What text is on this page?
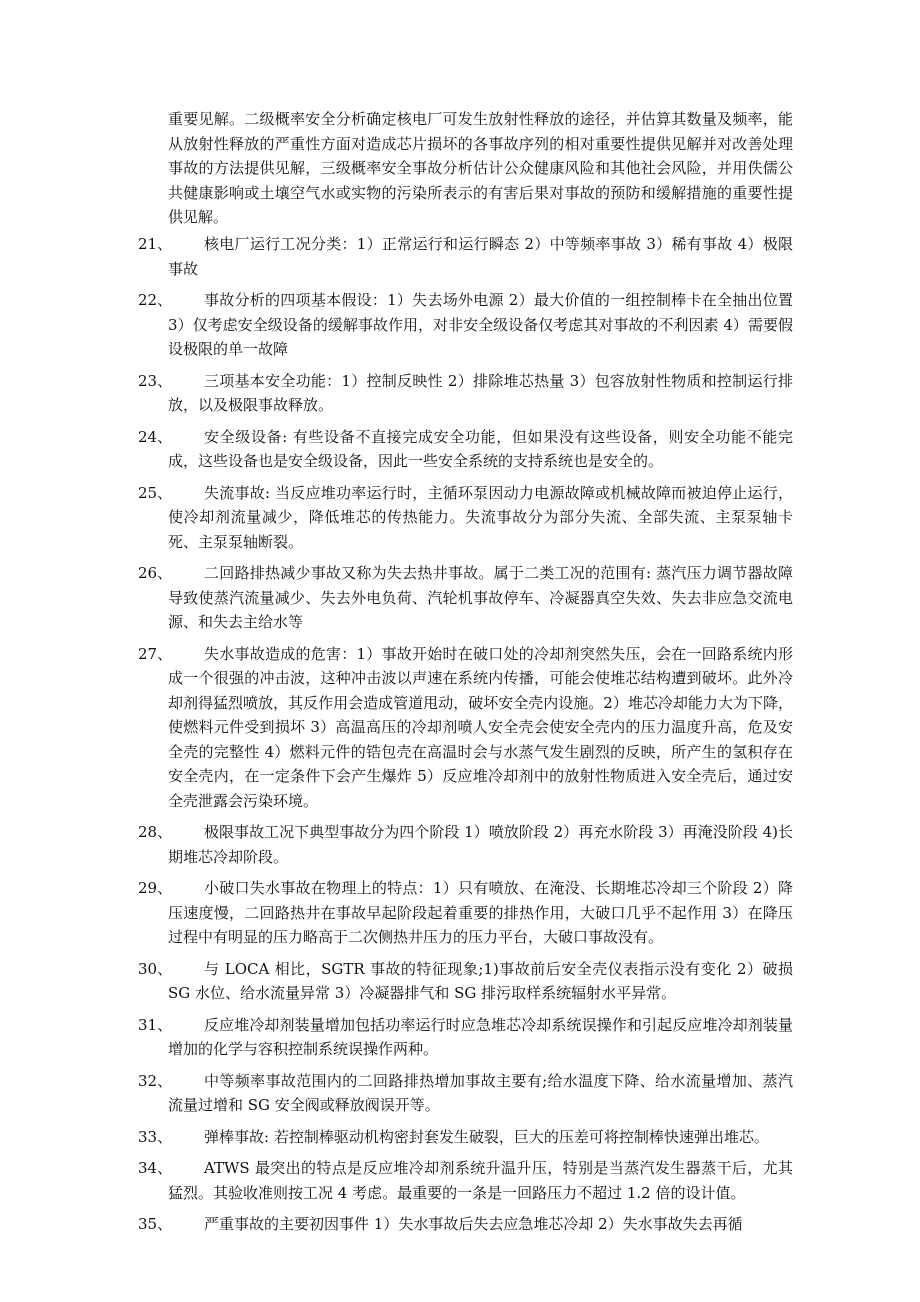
重要见解。二级概率安全分析确定核电厂可发生放射性释放的途径，并估算其数量及频率，能从放射性释放的严重性方面对造成芯片损坏的各事故序列的相对重要性提供见解并对改善处理事故的方法提供见解，三级概率安全事故分析估计公众健康风险和其他社会风险，并用佚儒公共健康影响或土壤空气水或实物的污染所表示的有害后果对事故的预防和缓解措施的重要性提供见解。
21、	核电厂运行工况分类：1）正常运行和运行瞬态 2）中等频率事故 3）稀有事故 4）极限事故
22、	事故分析的四项基本假设：1）失去场外电源 2）最大价值的一组控制棒卡在全抽出位置 3）仅考虑安全级设备的缓解事故作用，对非安全级设备仅考虑其对事故的不利因素 4）需要假设极限的单一故障
23、	三项基本安全功能：1）控制反映性 2）排除堆芯热量 3）包容放射性物质和控制运行排放，以及极限事故释放。
24、	安全级设备: 有些设备不直接完成安全功能，但如果没有这些设备，则安全功能不能完成，这些设备也是安全级设备，因此一些安全系统的支持系统也是安全的。
25、	失流事故: 当反应堆功率运行时，主循环泵因动力电源故障或机械故障而被迫停止运行，使冷却剂流量减少，降低堆芯的传热能力。失流事故分为部分失流、全部失流、主泵泵轴卡死、主泵泵轴断裂。
26、	二回路排热减少事故又称为失去热井事故。属于二类工况的范围有: 蒸汽压力调节器故障导致使蒸汽流量减少、失去外电负荷、汽轮机事故停车、冷凝器真空失效、失去非应急交流电源、和失去主给水等
27、	失水事故造成的危害：1）事故开始时在破口处的冷却剂突然失压，会在一回路系统内形成一个很强的冲击波，这种冲击波以声速在系统内传播，可能会使堆芯结构遭到破坏。此外冷却剂得猛烈喷放，其反作用会造成管道甩动，破坏安全壳内设施。2）堆芯冷却能力大为下降，使燃料元件受到损坏 3）高温高压的冷却剂喷人安全壳会使安全壳内的压力温度升高，危及安全壳的完整性 4）燃料元件的锆包壳在高温时会与水蒸气发生剧烈的反映，所产生的氢积存在安全壳内，在一定条件下会产生爆炸 5）反应堆冷却剂中的放射性物质进入安全壳后，通过安全壳泄露会污染环境。
28、	极限事故工况下典型事故分为四个阶段 1）喷放阶段 2）再充水阶段 3）再淹没阶段 4)长期堆芯冷却阶段。
29、	小破口失水事故在物理上的特点：1）只有喷放、在淹没、长期堆芯冷却三个阶段 2）降压速度慢，二回路热井在事故早起阶段起着重要的排热作用，大破口几乎不起作用 3）在降压过程中有明显的压力略高于二次侧热井压力的压力平台，大破口事故没有。
30、	与 LOCA 相比，SGTR 事故的特征现象;1)事故前后安全壳仪表指示没有变化 2）破损 SG 水位、给水流量异常 3）冷凝器排气和 SG 排污取样系统辐射水平异常。
31、	反应堆冷却剂装量增加包括功率运行时应急堆芯冷却系统误操作和引起反应堆冷却剂装量增加的化学与容积控制系统误操作两种。
32、	中等频率事故范围内的二回路排热增加事故主要有;给水温度下降、给水流量增加、蒸汽流量过增和 SG 安全阀或释放阀误开等。
33、	弹棒事故: 若控制棒驱动机构密封套发生破裂，巨大的压差可将控制棒快速弹出堆芯。
34、	ATWS 最突出的特点是反应堆冷却剂系统升温升压，特别是当蒸汽发生器蒸干后，尤其猛烈。其验收准则按工况 4 考虑。最重要的一条是一回路压力不超过 1.2 倍的设计值。
35、	严重事故的主要初因事件 1）失水事故后失去应急堆芯冷却 2）失水事故失去再循
